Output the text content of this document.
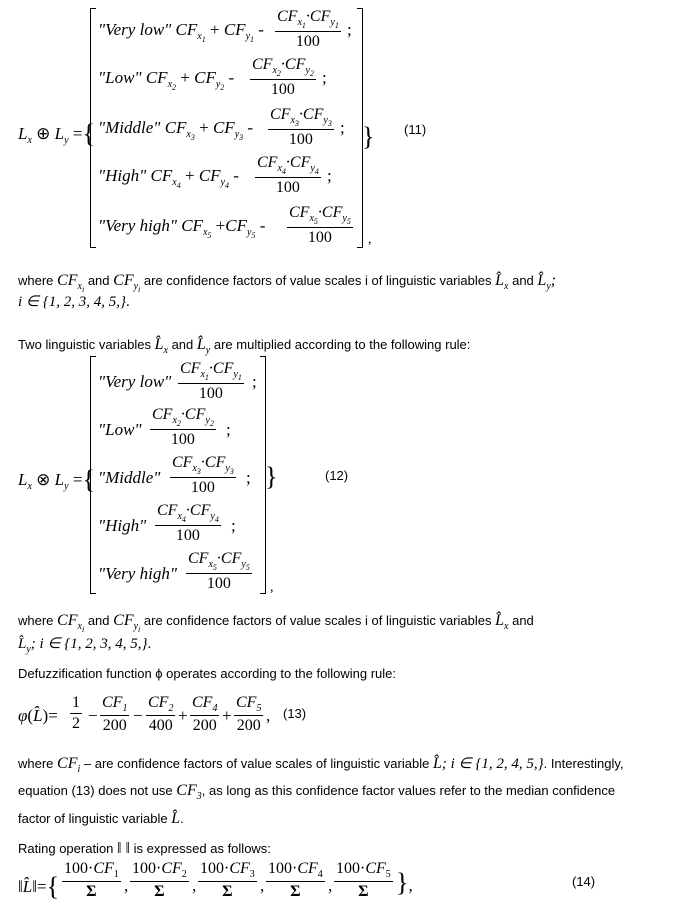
$L_x$ ⊕ $L_y$ ={	}
"Very low" $CF_{x_1} + CF_{y_1}$ -
$CF_{x_1}\cdot CF_{y_1}$
100
;
"Low" $CF_{x_2} + CF_{y_2}$ -
$CF_{x_2}\cdot CF_{y_2}$
100
;
"Middle" $CF_{x_3} + CF_{y_3}$ -
$CF_{x_3}\cdot CF_{y_3}$
100
;
"High" $CF_{x_4} + CF_{y_4}$ -
$CF_{x_4}\cdot CF_{y_4}$
100
;
"Very high" $CF_{x_5} +CF_{y_5}$ -
$CF_{x_5}\cdot CF_{y_5}$
100	,
(11)
where $CF_{x_i}$ and $CF_{y_i}$ are confidence factors of value scales i of linguistic variables $L̂_x$ and $L̂_y$;
i ∈ {1, 2, 3, 4, 5,}.
Two linguistic variables $L̂_x$ and $L̂_y$ are multiplied according to the following rule:
$L_x$ ⊗ $L_y$ ={	}
"Very low"
$CF_{x_1}\cdot CF_{y_1}$
100
;
"Low"
$CF_{x_2}\cdot CF_{y_2}$
100
;
"Middle"
$CF_{x_3}\cdot CF_{y_3}$
100
;
"High"
$CF_{x_4}\cdot CF_{y_4}$
100
;
"Very high"
$CF_{x_5}\cdot CF_{y_5}$
100	,
(12)
where $CF_{x_i}$ and $CF_{y_i}$ are confidence factors of value scales i of linguistic variables $L̂_x$ and
$L̂_y$; i ∈ {1, 2, 3, 4, 5,}.
Defuzzification function ϕ operates according to the following rule:
φ(L̂)=
1
2 −
$CF_1$
200
−
$CF_2$
400
+
$CF_4$
200
+
$CF_5$
200
, (13)
where $CF_i$ – are confidence factors of value scales of linguistic variable L̂; i ∈ {1, 2, 4, 5,}. Interestingly,
equation (13) does not use $CF_3$, as long as this confidence factor values refer to the median confidence
factor of linguistic variable L̂.
Rating operation ‖ ‖ is expressed as follows:
‖L̂‖={
$100\cdot CF_1$
Σ	,
$100\cdot CF_2$
Σ	,
$100\cdot CF_3$
Σ	,
$100\cdot CF_4$
Σ	,
$100\cdot CF_5$
Σ	},	(14)
